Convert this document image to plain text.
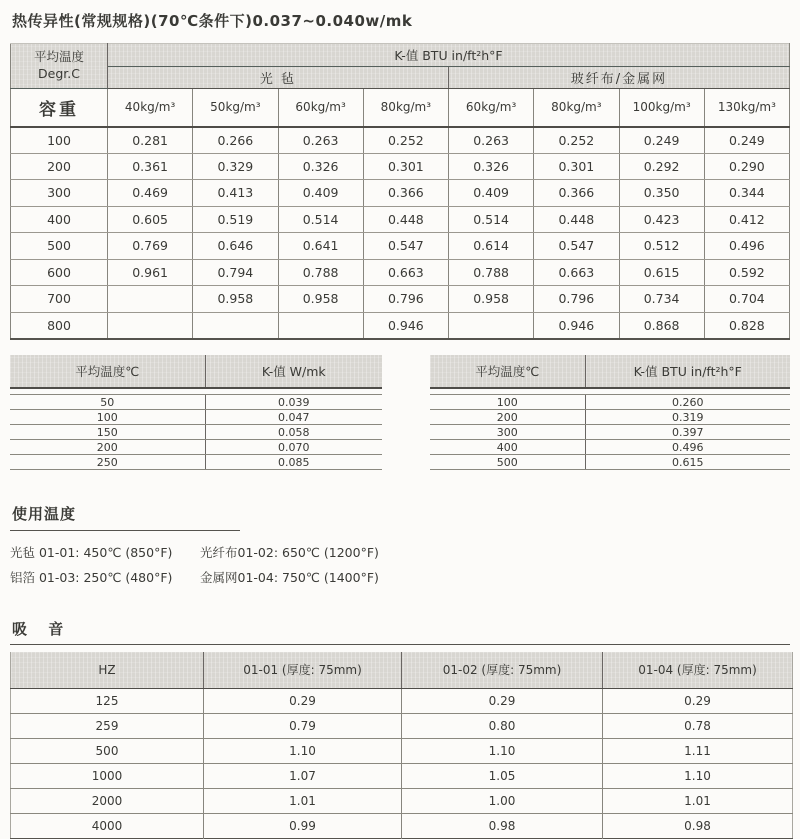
热传异性(常规规格)(70℃条件下)0.037~0.040w/mk
平均温度
Degr.C	K-值 BTU in/ft²h°F							
	光 毡				玻纤布/金属网			
容重	40kg/m³	50kg/m³	60kg/m³	80kg/m³	60kg/m³	80kg/m³	100kg/m³	130kg/m³
100	0.281	0.266	0.263	0.252	0.263	0.252	0.249	0.249
200	0.361	0.329	0.326	0.301	0.326	0.301	0.292	0.290
300	0.469	0.413	0.409	0.366	0.409	0.366	0.350	0.344
400	0.605	0.519	0.514	0.448	0.514	0.448	0.423	0.412
500	0.769	0.646	0.641	0.547	0.614	0.547	0.512	0.496
600	0.961	0.794	0.788	0.663	0.788	0.663	0.615	0.592
700		0.958	0.958	0.796	0.958	0.796	0.734	0.704
800				0.946		0.946	0.868	0.828
平均温度℃	K-值 W/mk

50	0.039
100	0.047
150	0.058
200	0.070
250	0.085
平均温度℃	K-值 BTU in/ft²h°F

100	0.260
200	0.319
300	0.397
400	0.496
500	0.615
使用温度
光毡 01-01: 450℃ (850°F)	光纤布01-02: 650℃ (1200°F)
铝箔 01-03: 250℃ (480°F)	金属网01-04: 750℃ (1400°F)
吸 音
HZ	01-01 (厚度: 75mm)	01-02 (厚度: 75mm)	01-04 (厚度: 75mm)
125	0.29	0.29	0.29
259	0.79	0.80	0.78
500	1.10	1.10	1.11
1000	1.07	1.05	1.10
2000	1.01	1.00	1.01
4000	0.99	0.98	0.98
